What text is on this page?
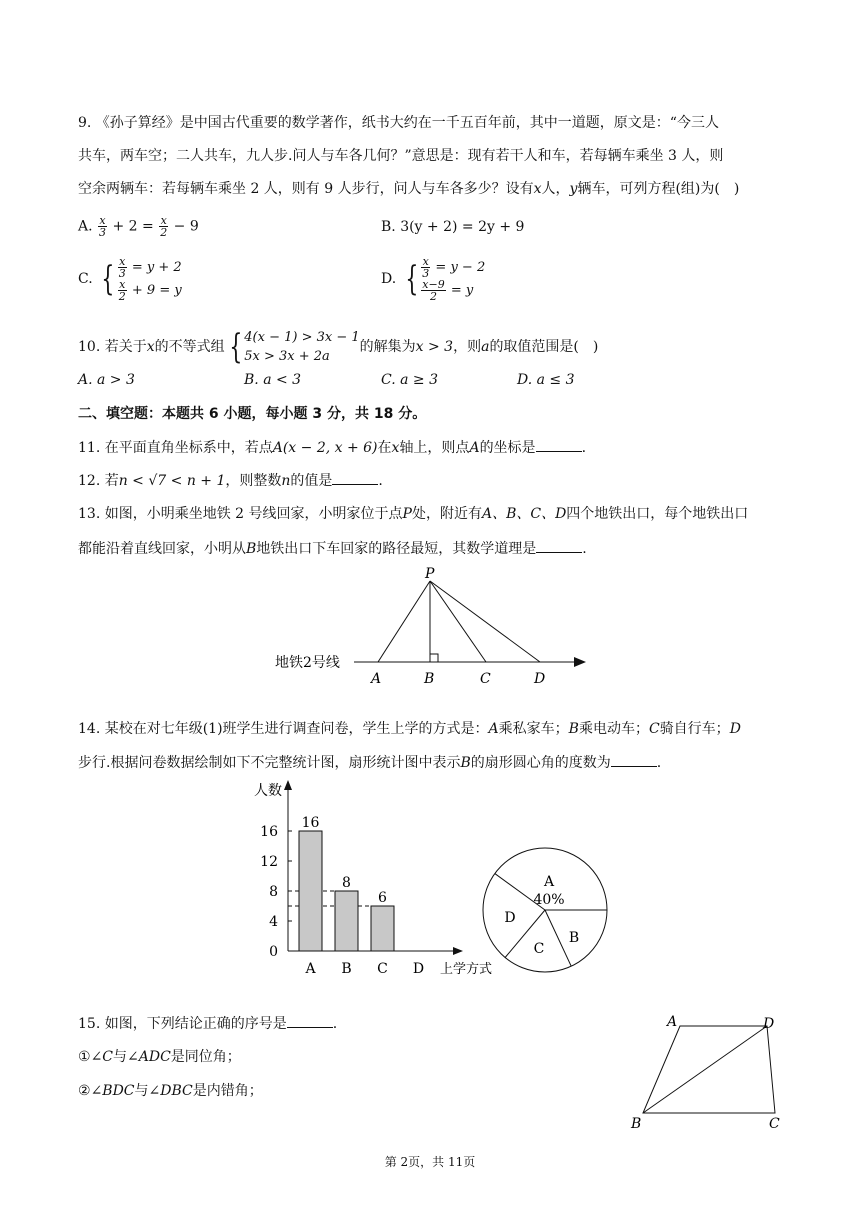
9. 《孙子算经》是中国古代重要的数学著作，纸书大约在一千五百年前，其中一道题，原文是：“今三人
共车，两车空；二人共车，九人步.问人与车各几何？”意思是：现有若干人和车，若每辆车乘坐 3 人，则
空余两辆车：若每辆车乘坐 2 人，则有 9 人步行，问人与车各多少？设有x人，y辆车，可列方程(组)为(　)
A. $\frac{x}{3} + 2 = \frac{x}{2} - 9$	B. 3(y + 2) = 2y + 9
C. { $\frac{x}{3} = y + 2$
$\frac{x}{2} + 9 = y$
D. { $\frac{x}{3} = y - 2$
$\frac{x-9}{2} = y$
10. 若关于x的不等式组 { 4(x − 1) > 3x − 1
5x > 3x + 2a
的解集为x > 3，则a的取值范围是(　)
A. a > 3	B. a < 3	C. a ≥ 3	D. a ≤ 3
二、填空题：本题共 6 小题，每小题 3 分，共 18 分。
11. 在平面直角坐标系中，若点A(x − 2, x + 6)在x轴上，则点A的坐标是	.
12. 若n < √7 < n + 1，则整数n的值是	.
13. 如图，小明乘坐地铁 2 号线回家，小明家位于点P处，附近有A、B、C、D四个地铁出口，每个地铁出口
都能沿着直线回家，小明从B地铁出口下车回家的路径最短，其数学道理是	.
P
地铁2号线
A	B	C	D
14. 某校在对七年级(1)班学生进行调查问卷，学生上学的方式是：A乘私家车；B乘电动车；C骑自行车；D
步行.根据问卷数据绘制如下不完整统计图，扇形统计图中表示B的扇形圆心角的度数为	.
人数
上学方式
0
4
8
12
16
16
A
8
B
6
C D
A
40%
B
C
D
15. 如图，下列结论正确的序号是	.
①∠C与∠ADC是同位角；
②∠BDC与∠DBC是内错角；
A	D
B	C
第 2页，共 11页
